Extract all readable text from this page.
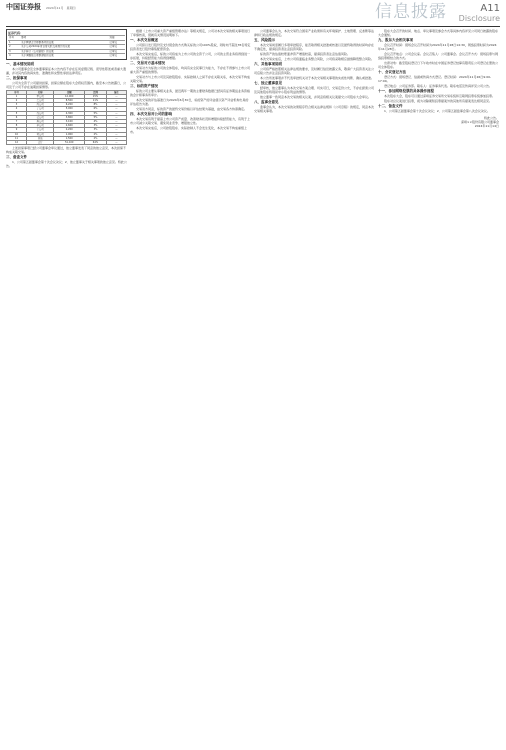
中国证券报 2024年11月 星期四	信息披露	A11
Disclosure
证券代码：
序号	事项	进展
1	关于聘请会计师事务所的议案	已审议
2	关于公司2024年度日常关联交易预计的议案	已审议
3	关于修订《公司章程》的议案	已审议
4	关于调整独立董事津贴的议案	已审议
一、基本情况说明

本公司董事会及全体董事保证本公告内容不存在任何虚假记载、误导性陈述或者重大遗漏，并对其内容的真实性、准确性和完整性承担法律责任。

二、担保事项

公司为全资子公司提供担保，担保总额在股东大会授权范围内，截至本公告披露日，公司及子公司不存在逾期担保情形。

序号	名称	金额	比例	备注
1	甲公司	12,000	15%	—
2	乙公司	8,500	11%	—
3	丙公司	6,200	8%	—
4	丁公司	5,000	6%	—
5	戊公司	4,300	5%	—
6	己公司	3,800	5%	—
7	庚公司	3,100	4%	—
8	辛公司	2,600	3%	—
9	壬公司	2,200	3%	—
10	癸公司	1,900	2%	—
11	其他	1,500	2%	—
12	合计	51,100	64%	—

上述担保事项已经公司董事会审议通过，独立董事发表了同意的独立意见，本次担保不构成关联交易。

三、备查文件

1、公司第五届董事会第十次会议决议；2、独立董事关于相关事项的独立意见。特此公告。

根据《上市公司重大资产重组管理办法》等相关规定，公司对本次交易的相关事项进行了审慎核查，现就有关情况说明如下。

一、本次交易概述

公司拟以发行股份及支付现金的方式购买标的公司100%股权，同时向不超过35名特定投资者发行股份募集配套资金。

本次交易完成后，标的公司将成为上市公司的全资子公司，公司的主营业务将得到进一步拓展，持续经营能力将得到增强。

二、交易对方基本情况

交易对方为标的公司的全体股东，均具有完全民事行为能力，不存在不得参与上市公司重大资产重组的情形。

交易对方与上市公司及其控股股东、实际控制人之间不存在关联关系，本次交易不构成关联交易。

三、标的资产情况

标的公司主要从事相关业务，最近两年一期的主要财务数据已经具有证券期货业务资格的会计师事务所审计。

本次交易的评估基准日为2024年6月30日，标的资产的评估值以资产评估机构出具的评估报告为准。

交易双方同意，标的资产的最终交易价格以评估结果为基础，由交易各方协商确定。

四、本次交易对公司的影响

本次交易有利于提高上市公司资产质量、改善财务状况和增强持续经营能力，有利于上市公司减少关联交易、避免同业竞争、增强独立性。

本次交易完成后，公司控股股东、实际控制人不会发生变化，本次交易不构成重组上市。

公司董事会认为，本次交易符合国家产业政策和有关环境保护、土地管理、反垄断等法律和行政法规的规定。

五、风险提示

本次交易尚需履行多项审批程序，能否取得相关批准或核准以及最终取得的时间均存在不确定性，提请投资者注意投资风险。

标的资产的估值较账面净资产增值较高，提请投资者注意估值风险。

本次交易完成后，上市公司将面临业务整合风险，公司将采取相应措施降低整合风险。

六、其他事项说明

公司将严格按照相关法律法规的要求，及时履行信息披露义务，敬请广大投资者关注公司后续公告并注意投资风险。

本公告所述事项并不代表审批机关对于本次交易相关事项的实质性判断、确认或批准。

七、独立董事意见

经审核，独立董事认为本次交易方案合理、切实可行，交易定价公允，不存在损害公司及其他股东特别是中小股东利益的情形。

独立董事一致同意本次交易的相关议案，并同意将相关议案提交公司股东大会审议。

八、监事会意见

监事会认为，本次交易的决策程序符合相关法律法规和《公司章程》的规定，同意本次交易相关事项。

股东大会召开的时间、地点、审议事项及参会方式等具体内容详见公司同日披露的股东大会通知。

九、股东大会相关事项

会议召开时间：现场会议召开时间为2024年11月28日14:30，网络投票时间为2024年11月28日。

会议召开地点：公司会议室。会议召集人：公司董事会。会议召开方式：现场投票与网络投票相结合的方式。

出席对象：截至股权登记日下午收市时在中国证券登记结算有限责任公司登记在册的公司全体股东。

十、会议登记方法

登记方式：现场登记、信函或传真方式登记。登记时间：2024年11月26日9:00-17:00。

登记地点：公司证券部。联系人：证券事务代表。联系电话及传真详见公司公告。

十一、参加网络投票的具体操作流程

本次股东大会，股东可以通过深圳证券交易所交易系统和互联网投票系统参加投票。

股东对总议案进行投票，视为对除累积投票提案外的其他所有提案表达相同意见。

十二、备查文件

1、公司第五届董事会第十次会议决议；2、公司第五届监事会第八次会议决议。

特此公告。
深圳××股份有限公司董事会
2024年11月14日
